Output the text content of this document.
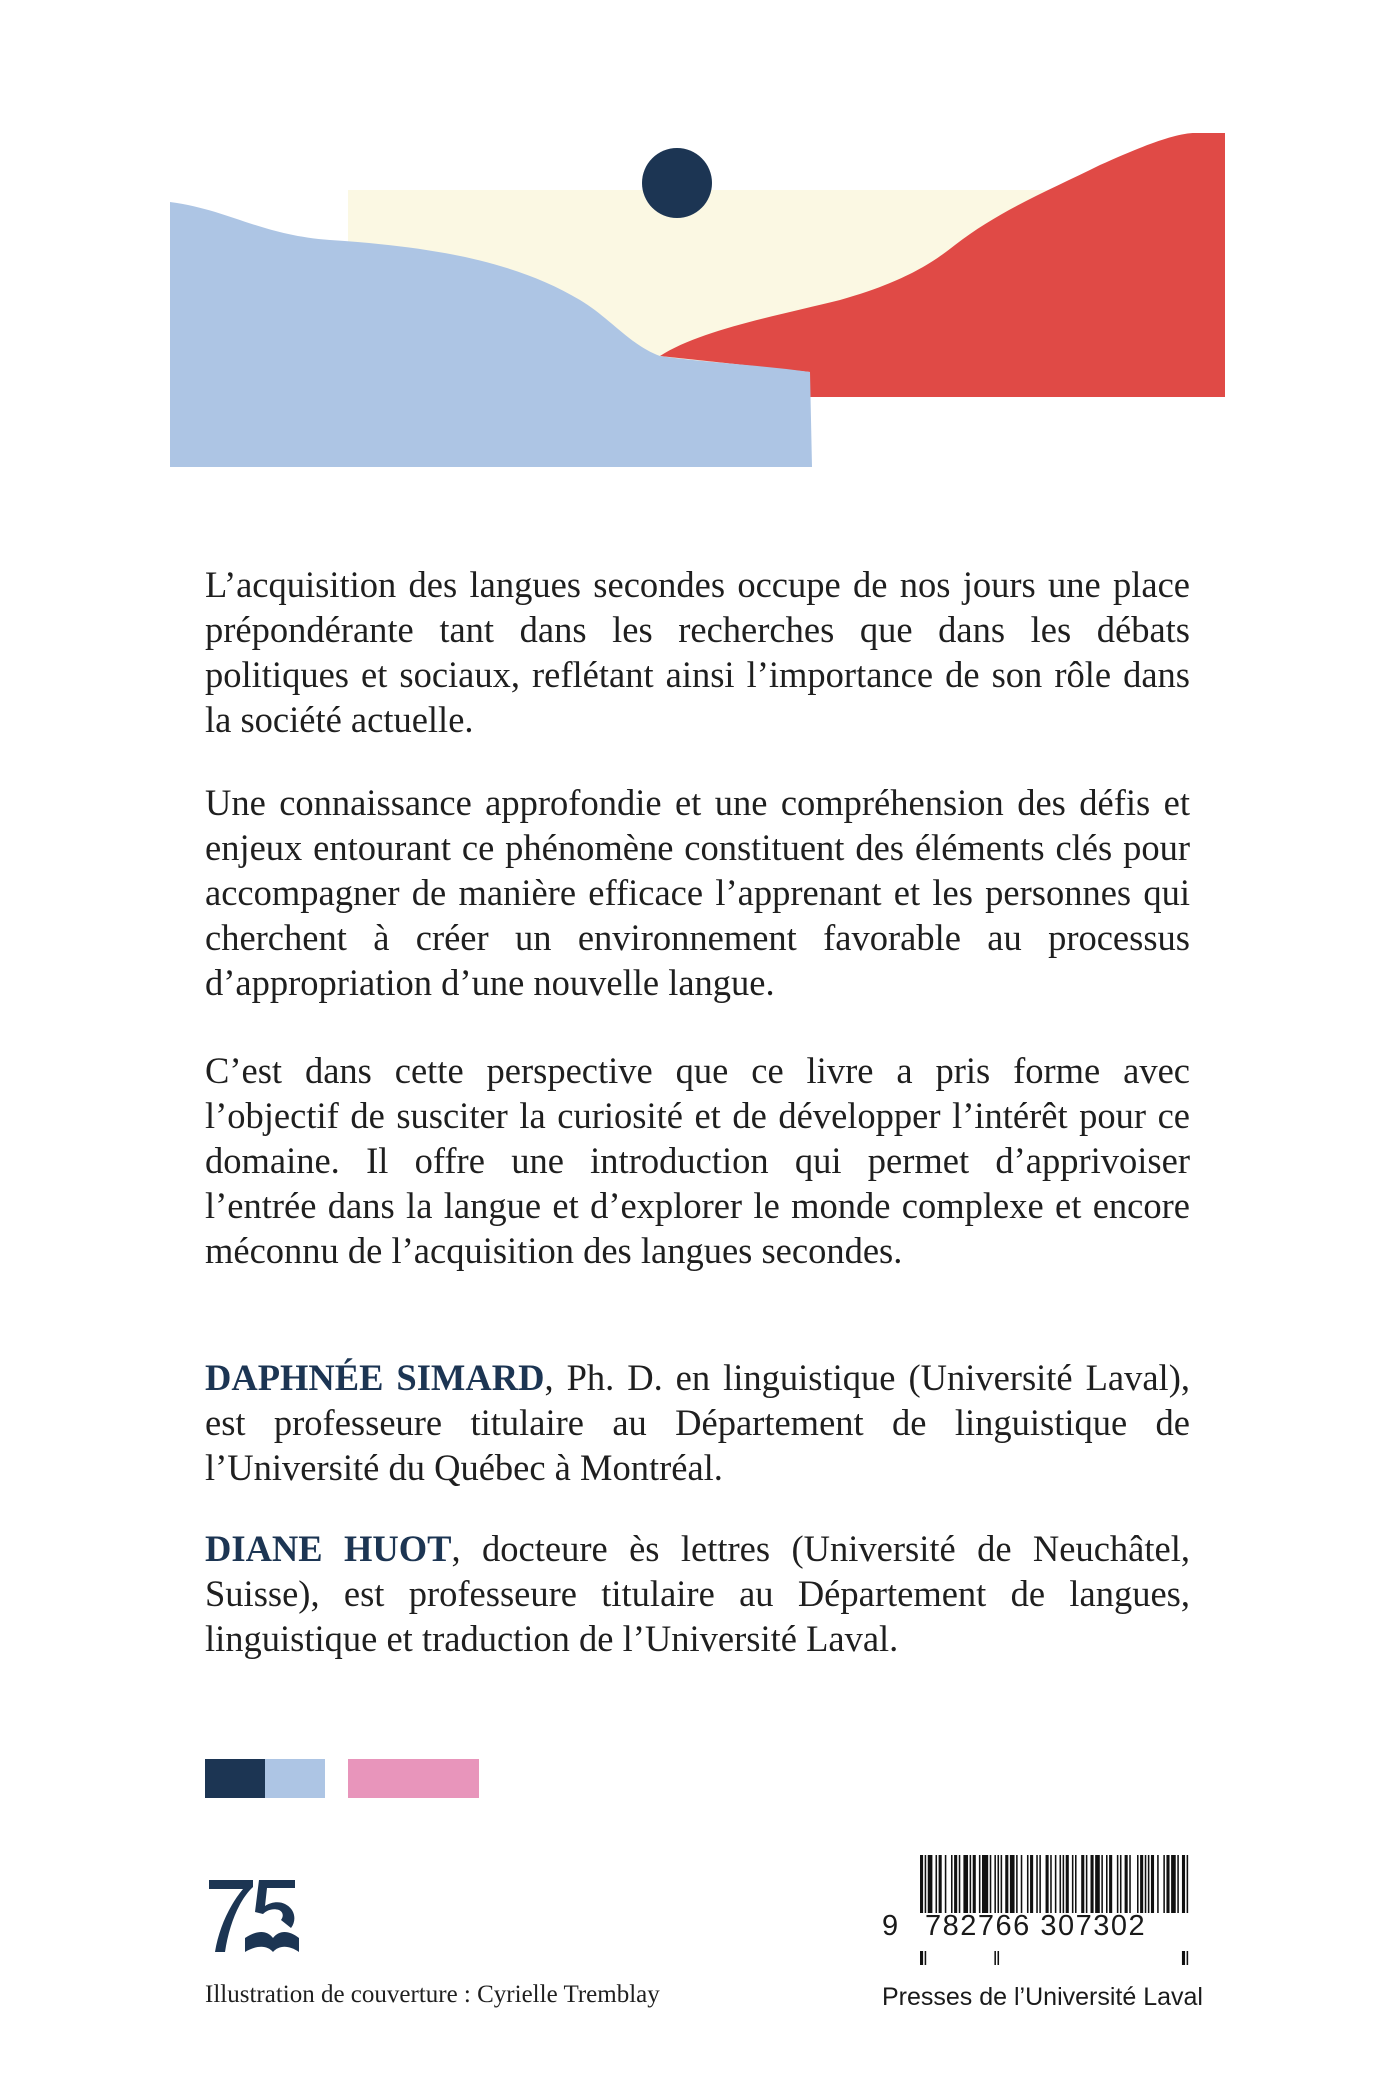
L’acquisition des langues secondes occupe de nos jours une place prépondérante tant dans les recherches que dans les débats politiques et sociaux, reflétant ainsi l’importance de son rôle dans la société actuelle.

Une connaissance approfondie et une compréhension des défis et enjeux entourant ce phénomène constituent des éléments clés pour accompagner de manière efficace l’apprenant et les personnes qui cherchent à créer un environnement favorable au processus d’appropriation d’une nouvelle langue.

C’est dans cette perspective que ce livre a pris forme avec l’objectif de susciter la curiosité et de développer l’intérêt pour ce domaine. Il offre une introduction qui permet d’apprivoiser l’entrée dans la langue et d’explorer le monde complexe et encore méconnu de l’acquisition des langues secondes.

DAPHNÉE SIMARD, Ph. D. en linguistique (Université Laval), est professeure titulaire au Département de linguistique de l’Université du Québec à Montréal.

DIANE HUOT, docteure ès lettres (Université de Neuchâtel, Suisse), est professeure titulaire au Département de langues, linguistique et traduction de l’Université Laval.

Illustration de couverture : Cyrielle Tremblay
9 782766 307302
Presses de l’Université Laval
